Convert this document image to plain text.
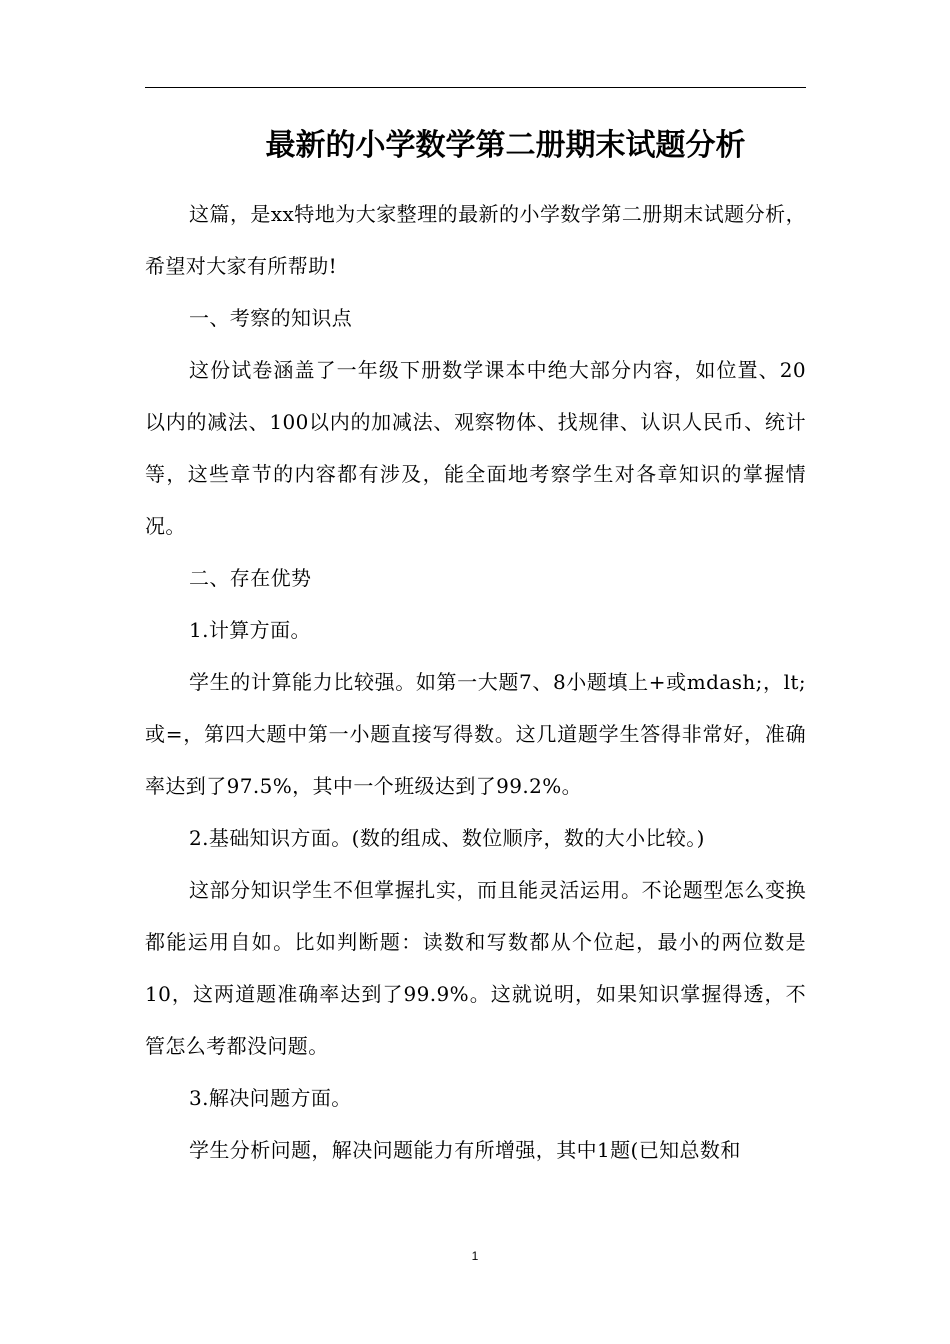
最新的小学数学第二册期末试题分析

这篇，是xx特地为大家整理的最新的小学数学第二册期末试题分析，希望对大家有所帮助!

一、考察的知识点

这份试卷涵盖了一年级下册数学课本中绝大部分内容，如位置、20以内的减法、100以内的加减法、观察物体、找规律、认识人民币、统计等，这些章节的内容都有涉及，能全面地考察学生对各章知识的掌握情况。

二、存在优势

1.计算方面。

学生的计算能力比较强。如第一大题7、8小题填上+或mdash;，lt;或=，第四大题中第一小题直接写得数。这几道题学生答得非常好，准确率达到了97.5%，其中一个班级达到了99.2%。

2.基础知识方面。(数的组成、数位顺序，数的大小比较。)

这部分知识学生不但掌握扎实，而且能灵活运用。不论题型怎么变换都能运用自如。比如判断题：读数和写数都从个位起，最小的两位数是10，这两道题准确率达到了99.9%。这就说明，如果知识掌握得透，不管怎么考都没问题。

3.解决问题方面。

学生分析问题，解决问题能力有所增强，其中1题(已知总数和

1
